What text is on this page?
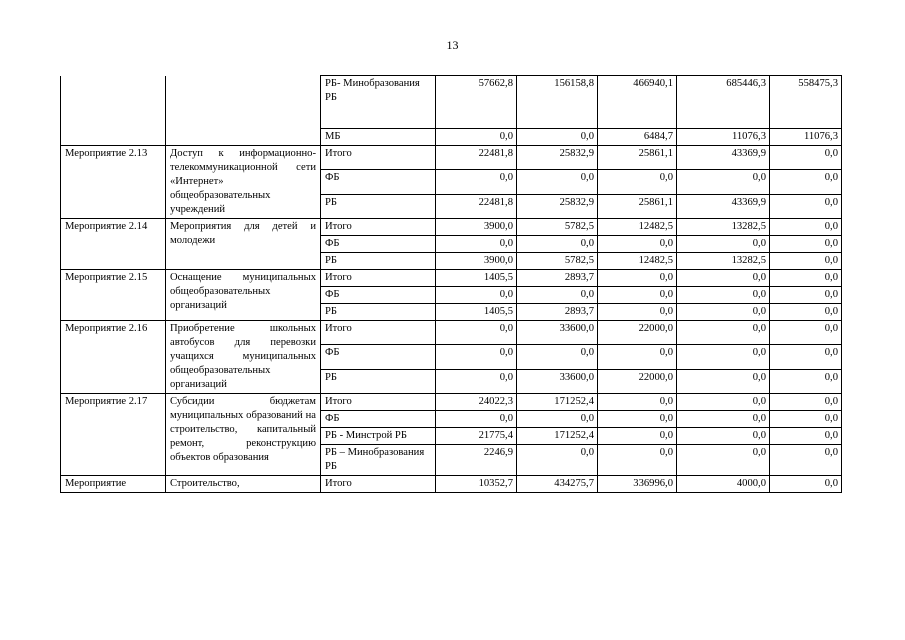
13
		РБ- Минобразования РБ	57662,8	156158,8	466940,1	685446,3	558475,3
		МБ	0,0	0,0	6484,7	11076,3	11076,3
Мероприятие 2.13	Доступ к информационно-телекоммуникационной сети «Интернет» общеобразовательных учреждений	Итого	22481,8	25832,9	25861,1	43369,9	0,0
		ФБ	0,0	0,0	0,0	0,0	0,0
		РБ	22481,8	25832,9	25861,1	43369,9	0,0
Мероприятие 2.14	Мероприятия для детей и молодежи	Итого	3900,0	5782,5	12482,5	13282,5	0,0
		ФБ	0,0	0,0	0,0	0,0	0,0
		РБ	3900,0	5782,5	12482,5	13282,5	0,0
Мероприятие 2.15	Оснащение муниципальных общеобразовательных организаций	Итого	1405,5	2893,7	0,0	0,0	0,0
		ФБ	0,0	0,0	0,0	0,0	0,0
		РБ	1405,5	2893,7	0,0	0,0	0,0
Мероприятие 2.16	Приобретение школьных автобусов для перевозки учащихся муниципальных общеобразовательных организаций	Итого	0,0	33600,0	22000,0	0,0	0,0
		ФБ	0,0	0,0	0,0	0,0	0,0
		РБ	0,0	33600,0	22000,0	0,0	0,0
Мероприятие 2.17	Субсидии бюджетам муниципальных образований на строительство, капитальный ремонт, реконструкцию объектов образования	Итого	24022,3	171252,4	0,0	0,0	0,0
		ФБ	0,0	0,0	0,0	0,0	0,0
		РБ - Минстрой РБ	21775,4	171252,4	0,0	0,0	0,0
		РБ – Минобразования РБ	2246,9	0,0	0,0	0,0	0,0
Мероприятие	Строительство,	Итого	10352,7	434275,7	336996,0	4000,0	0,0
